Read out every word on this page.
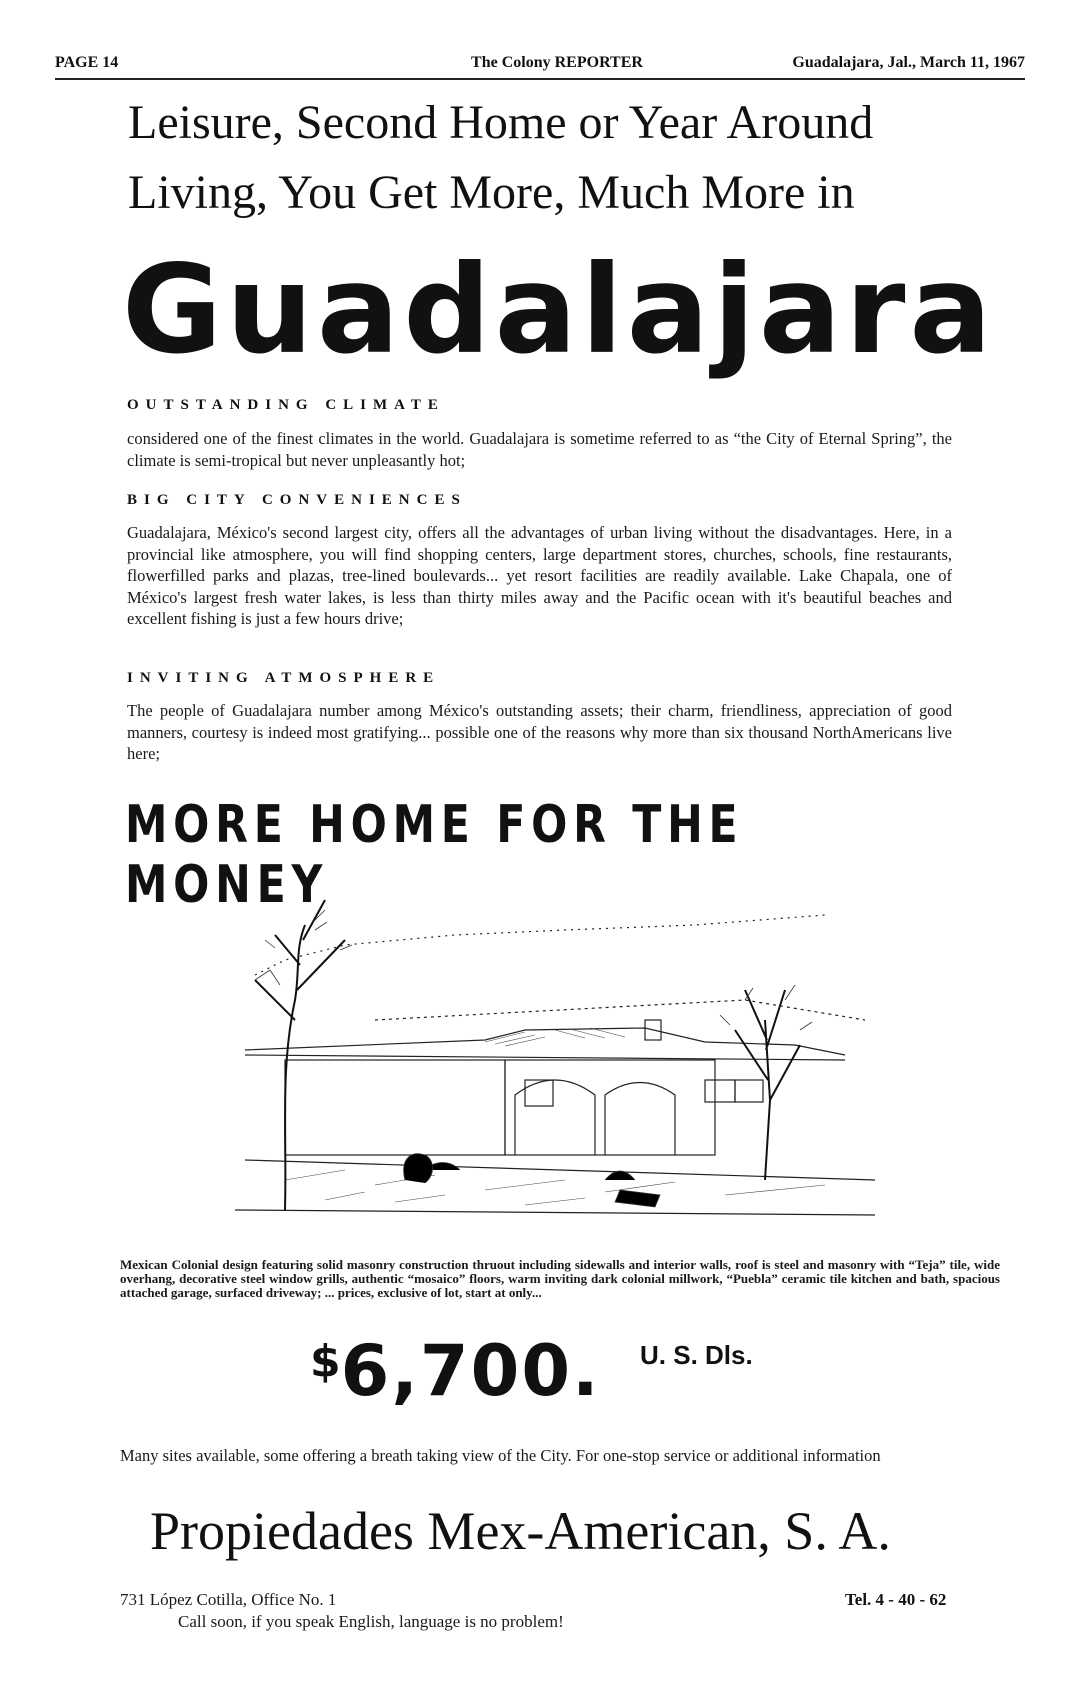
PAGE 14	The Colony REPORTER	Guadalajara, Jal., March 11, 1967
Leisure, Second Home or Year Around
Living, You Get More, Much More in
Guadalajara
OUTSTANDING CLIMATE
considered one of the finest climates in the world. Guadalajara is sometime referred to as “the City of Eternal Spring”, the climate is semi-tropical but never unpleasantly hot;
BIG CITY CONVENIENCES
Guadalajara, México's second largest city, offers all the advantages of urban living without the disadvantages. Here, in a provincial like atmosphere, you will find shopping centers, large department stores, churches, schools, fine restaurants, flowerfilled parks and plazas, tree-lined boulevards... yet resort facilities are readily available. Lake Chapala, one of México's largest fresh water lakes, is less than thirty miles away and the Pacific ocean with it's beautiful beaches and excellent fishing is just a few hours drive;
INVITING ATMOSPHERE
The people of Guadalajara number among México's outstanding assets; their charm, friendliness, appreciation of good manners, courtesy is indeed most gratifying... possible one of the reasons why more than six thousand NorthAmericans live here;
MORE HOME FOR THE MONEY
Mexican Colonial design featuring solid masonry construction thruout including sidewalls and interior walls, roof is steel and masonry with “Teja” tile, wide overhang, decorative steel window grills, authentic “mosaico” floors, warm inviting dark colonial millwork, “Puebla” ceramic tile kitchen and bath, spacious attached garage, surfaced driveway; ... prices, exclusive of lot, start at only...
$6,700. U. S. Dls.
Many sites available, some offering a breath taking view of the City. For one-stop service or additional information
Propiedades Mex-American, S. A.
731 López Cotilla, Office No. 1	Tel. 4 - 40 - 62
Call soon, if you speak English, language is no problem!
